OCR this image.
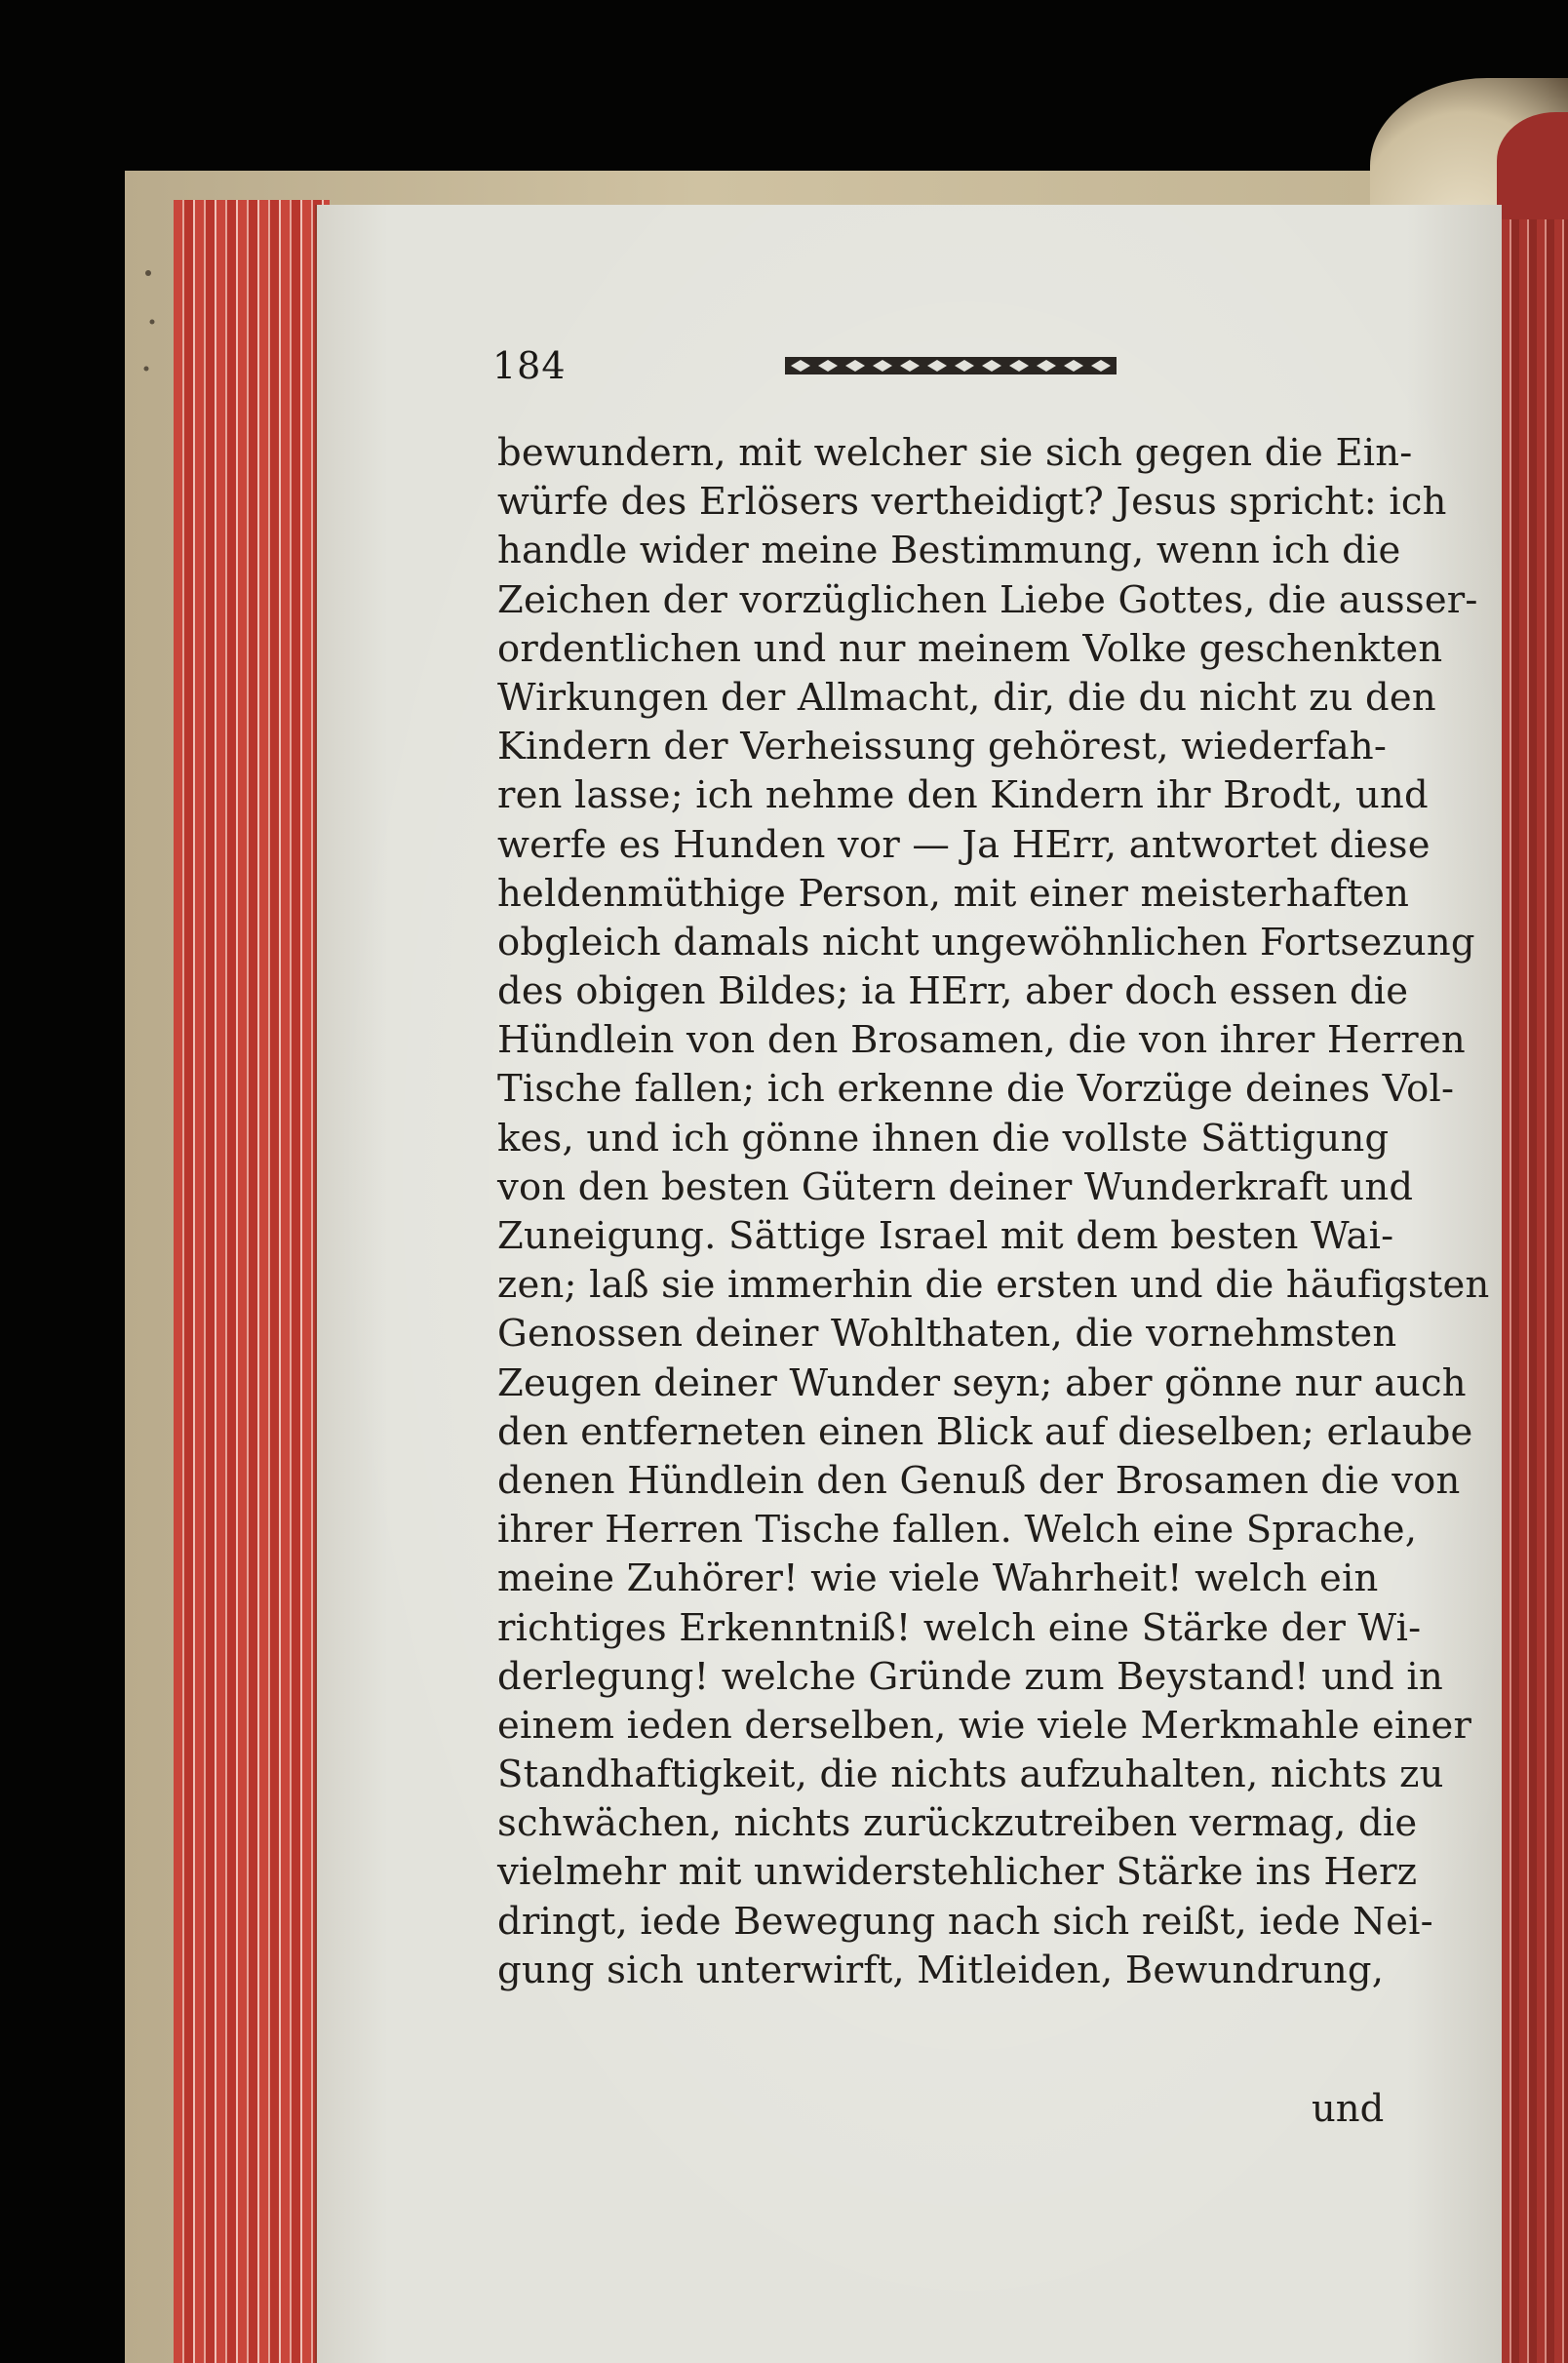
184
bewundern, mit welcher sie sich gegen die Ein-
würfe des Erlösers vertheidigt? Jesus spricht: ich
handle wider meine Bestimmung, wenn ich die
Zeichen der vorzüglichen Liebe Gottes, die ausser-
ordentlichen und nur meinem Volke geschenkten
Wirkungen der Allmacht, dir, die du nicht zu den
Kindern der Verheissung gehörest, wiederfah-
ren lasse; ich nehme den Kindern ihr Brodt, und
werfe es Hunden vor — Ja HErr, antwortet diese
heldenmüthige Person, mit einer meisterhaften
obgleich damals nicht ungewöhnlichen Fortsezung
des obigen Bildes; ia HErr, aber doch essen die
Hündlein von den Brosamen, die von ihrer Herren
Tische fallen; ich erkenne die Vorzüge deines Vol-
kes, und ich gönne ihnen die vollste Sättigung
von den besten Gütern deiner Wunderkraft und
Zuneigung. Sättige Israel mit dem besten Wai-
zen; laß sie immerhin die ersten und die häufigsten
Genossen deiner Wohlthaten, die vornehmsten
Zeugen deiner Wunder seyn; aber gönne nur auch
den entferneten einen Blick auf dieselben; erlaube
denen Hündlein den Genuß der Brosamen die von
ihrer Herren Tische fallen. Welch eine Sprache,
meine Zuhörer! wie viele Wahrheit! welch ein
richtiges Erkenntniß! welch eine Stärke der Wi-
derlegung! welche Gründe zum Beystand! und in
einem ieden derselben, wie viele Merkmahle einer
Standhaftigkeit, die nichts aufzuhalten, nichts zu
schwächen, nichts zurückzutreiben vermag, die
vielmehr mit unwiderstehlicher Stärke ins Herz
dringt, iede Bewegung nach sich reißt, iede Nei-
gung sich unterwirft, Mitleiden, Bewundrung,
und
